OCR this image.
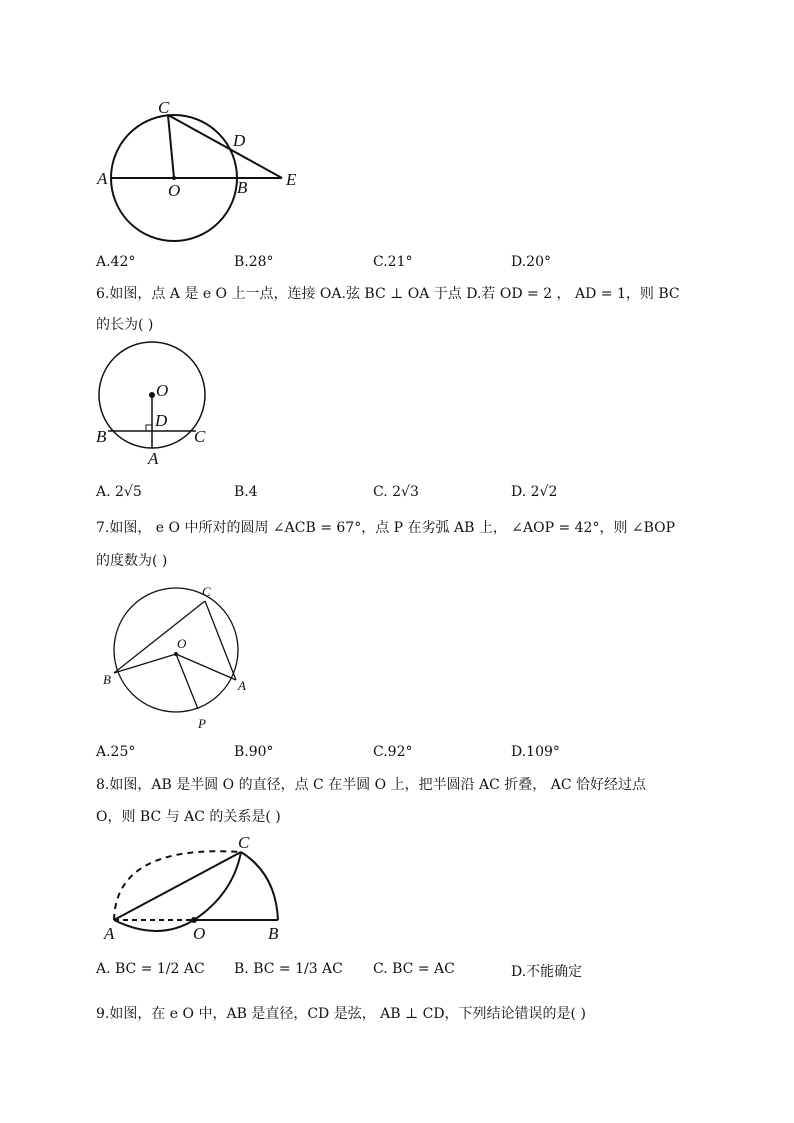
C
D
A
O	B E
A.42°	B.28°	C.21°	D.20°
6.如图，点 A 是 e O 上一点，连接 OA.弦 BC ⊥ OA 于点 D.若 OD = 2 ， AD = 1，则 BC
的长为( )
O
D
B	C
A
A. 2√5	B.4	C. 2√3	D. 2√2
7.如图， e O 中所对的圆周 ∠ACB = 67°，点 P 在劣弧 AB 上， ∠AOP = 42°，则 ∠BOP
的度数为( )
C
O
B	A
P
A.25°	B.90°	C.92°	D.109°
8.如图，AB 是半圆 O 的直径，点 C 在半圆 O 上，把半圆沿 AC 折叠， AC 恰好经过点
O，则 BC 与 AC 的关系是( )
C
A	O	B
A. BC = 1/2 AC B. BC = 1/3 AC C. BC = AC	D.不能确定
9.如图，在 e O 中，AB 是直径，CD 是弦， AB ⊥ CD，下列结论错误的是( )
